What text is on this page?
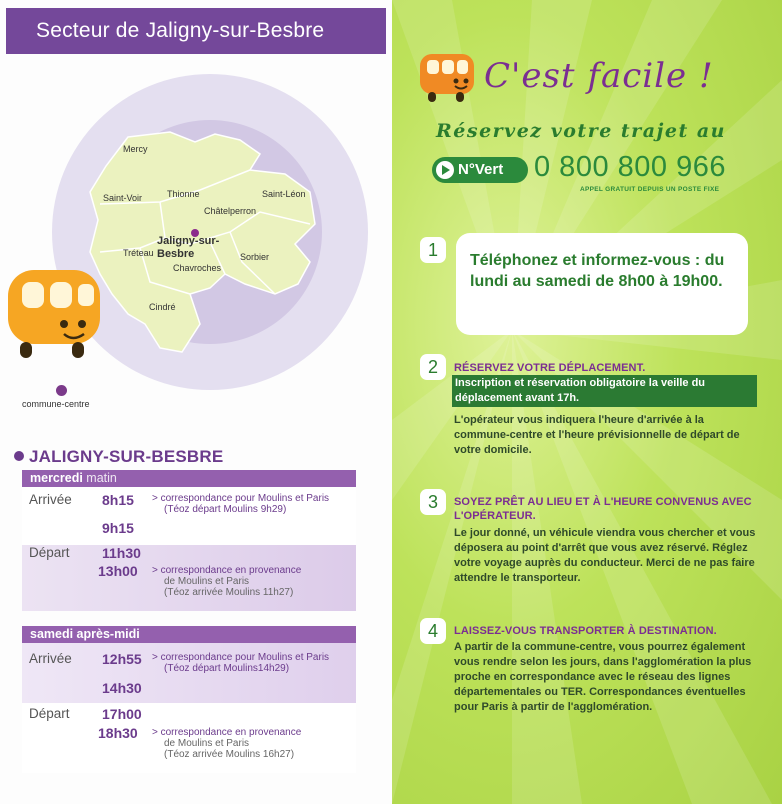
Secteur de Jaligny-sur-Besbre
Mercy
Saint-Voir	Thionne	Saint-Léon
Châtelperron
Jaligny-sur-
Besbre
Tréteau	Sorbier
Chavroches
Cindré
commune-centre
JALIGNY-SUR-BESBRE
mercredi matin
Arrivée 8h15 > correspondance pour Moulins et Paris
(Téoz départ Moulins 9h29)
9h15
Départ 11h30
13h00 > correspondance en provenance
de Moulins et Paris
(Téoz arrivée Moulins 11h27)
samedi après-midi
Arrivée 12h55 > correspondance pour Moulins et Paris
(Téoz départ Moulins14h29)
14h30
Départ 17h00
18h30 > correspondance en provenance
de Moulins et Paris
(Téoz arrivée Moulins 16h27)
C'est facile !
Réservez votre trajet au
N°Vert	0 800 800 966
APPEL GRATUIT DEPUIS UN POSTE FIXE
1
Téléphonez et informez-vous : du lundi au samedi de 8h00 à 19h00.
2	RÉSERVEZ VOTRE DÉPLACEMENT.
Inscription et réservation obligatoire la veille du déplacement avant 17h.
L'opérateur vous indiquera l'heure d'arrivée à la commune-centre et l'heure prévisionnelle de départ de votre domicile.
3	SOYEZ PRÊT AU LIEU ET À L'HEURE CONVENUS AVEC L'OPÉRATEUR.
Le jour donné, un véhicule viendra vous chercher et vous déposera au point d'arrêt que vous avez réservé. Réglez votre voyage auprès du conducteur. Merci de ne pas faire attendre le transporteur.
4	LAISSEZ-VOUS TRANSPORTER À DESTINATION.
A partir de la commune-centre, vous pourrez également vous rendre selon les jours, dans l'agglomération la plus proche en correspondance avec le réseau des lignes départementales ou TER. Correspondances éventuelles pour Paris à partir de l'agglomération.
